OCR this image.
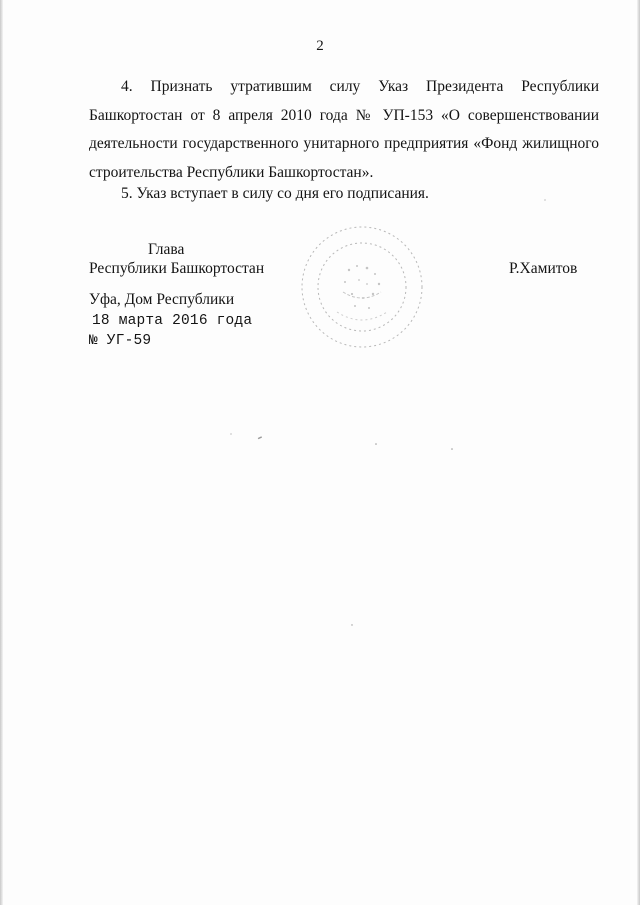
2

4. Признать утратившим силу Указ Президента Республики Башкортостан от 8 апреля 2010 года № УП-153 «О совершенствовании деятельности государственного унитарного предприятия «Фонд жилищного строительства Республики Башкортостан».

5. Указ вступает в силу со дня его подписания.

Глава
Республики Башкортостан	Р.Хамитов
Уфа, Дом Республики
18 марта 2016 года
№ УГ-59
